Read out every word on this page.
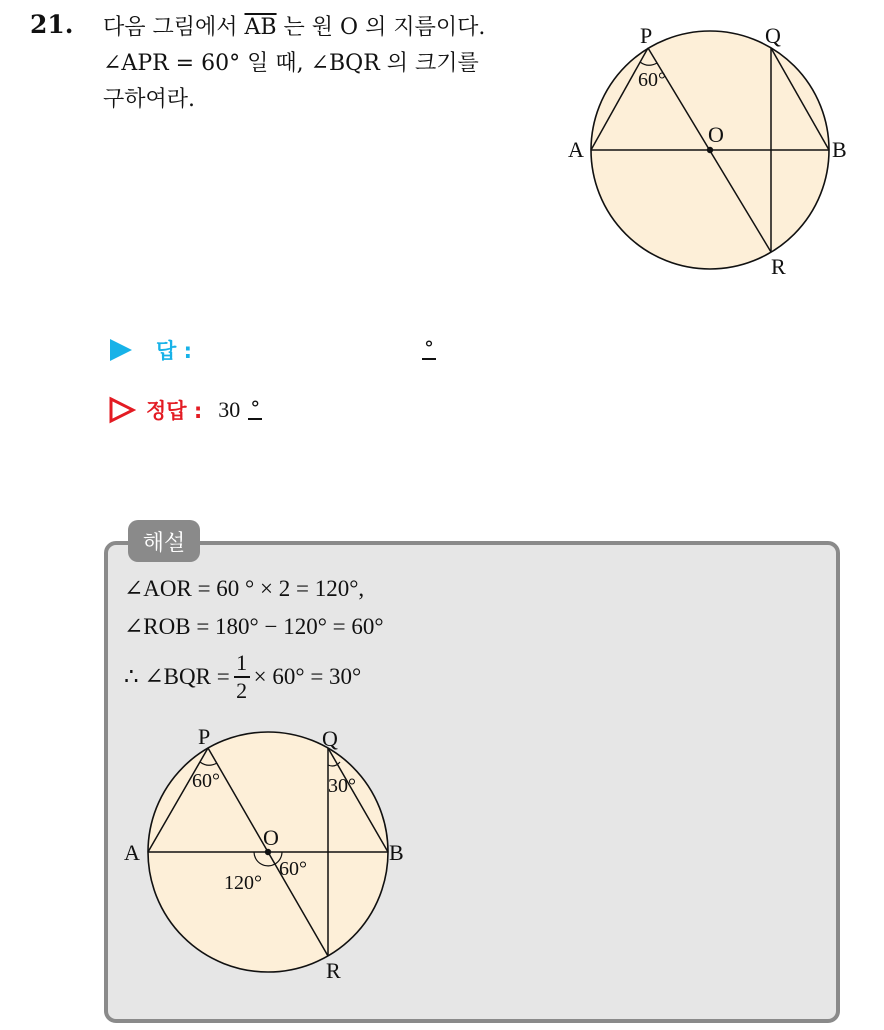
21. 다음 그림에서 $\overline{AB}$ 는 원 O 의 지름이다.
∠APR = 60° 일 때, ∠BQR 의 크기를
구하여라.
P	Q
A	B
O
R
60°
답 :	°
정답 : 30 °
해설
∠AOR = 60 ° × 2 = 120°,
∠ROB = 180° − 120° = 60°
∴ ∠BQR = $\frac{1}{2} \times 60^\circ = 30^\circ$
P	Q
A	B
O
R
60°	30°
120°
60°
